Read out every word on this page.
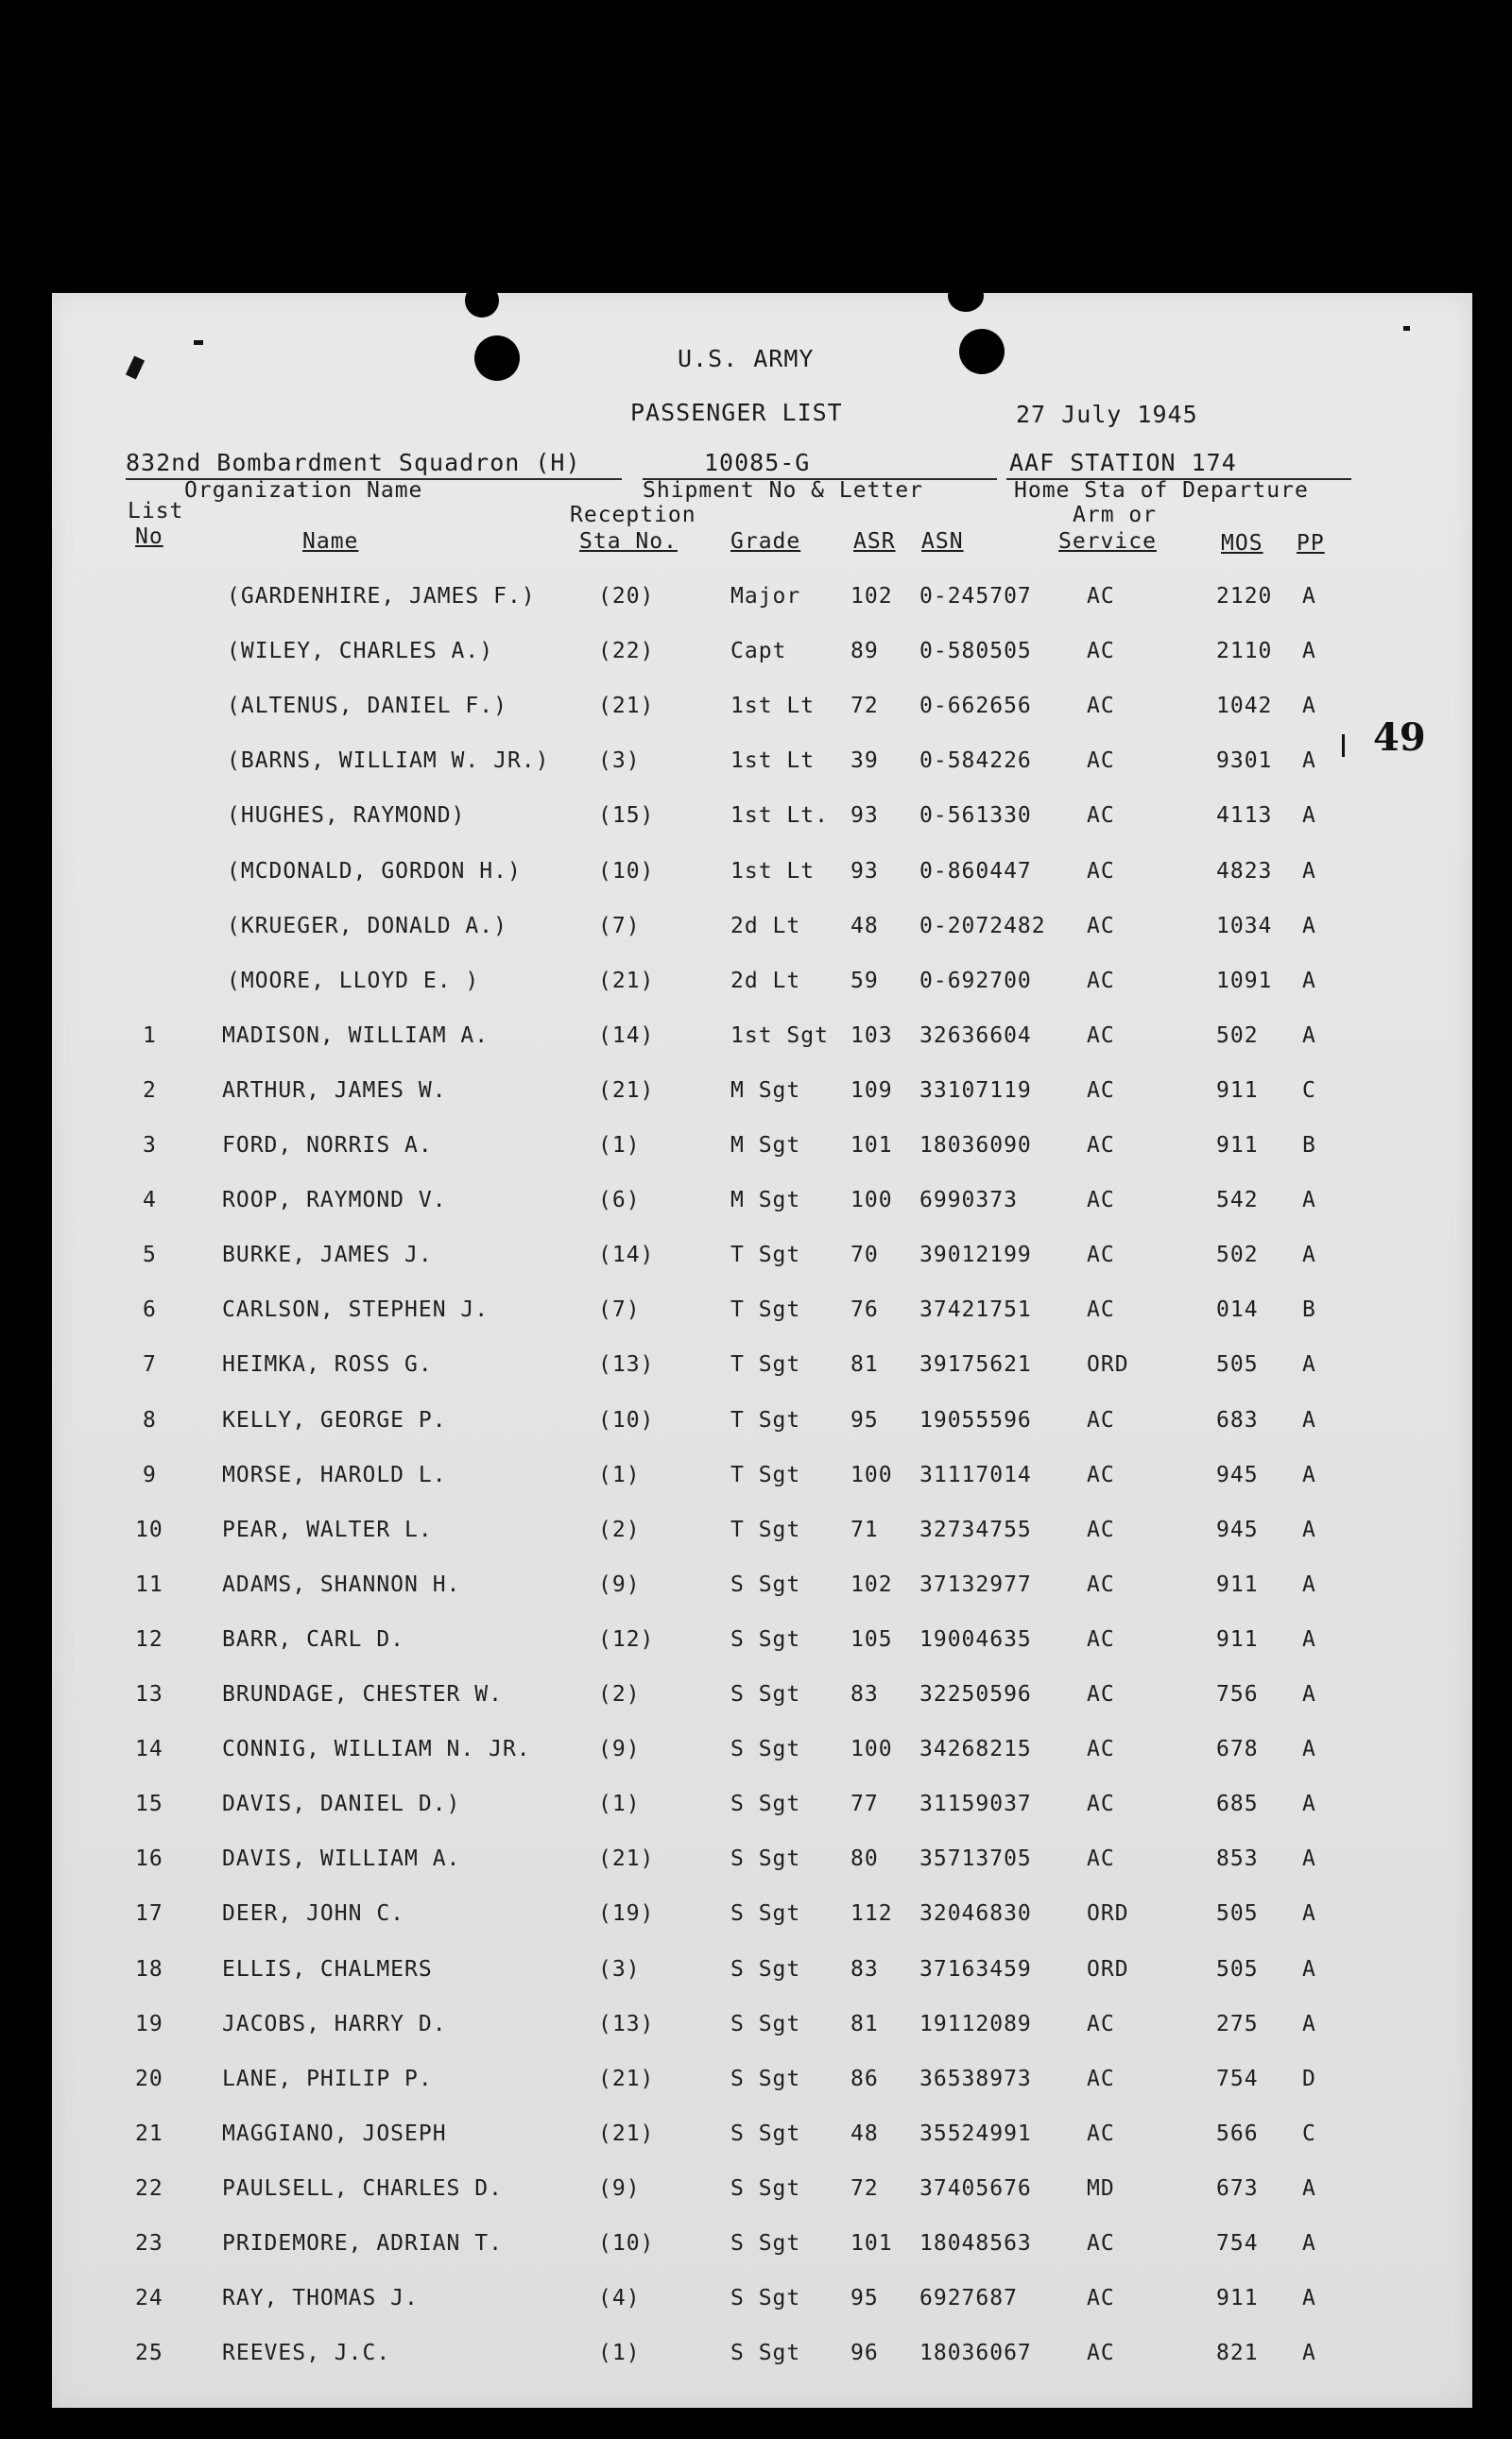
U.S. ARMY
PASSENGER LIST	27 July 1945
832nd Bombardment Squadron (H)
Organization Name
10085-G
Shipment No & Letter
AAF STATION 174
Home Sta of Departure
List
No	Name
Reception
Sta No. Grade ASR ASN
Arm or
Service	MOS PP
49
(GARDENHIRE, JAMES F.)	(20)	Major 102 0-245707	AC	2120 A
(WILEY, CHARLES A.)	(22)	Capt	89 0-580505	AC	2110 A
(ALTENUS, DANIEL F.)	(21)	1st Lt 72 0-662656	AC	1042 A
(BARNS, WILLIAM W. JR.) (3)	1st Lt 39 0-584226	AC	9301 A
(HUGHES, RAYMOND)	(15)	1st Lt. 93 0-561330	AC	4113 A
(MCDONALD, GORDON H.)	(10)	1st Lt 93 0-860447	AC	4823 A
(KRUEGER, DONALD A.)	(7)	2d Lt 48 0-2072482 AC	1034 A
(MOORE, LLOYD E. )	(21)	2d Lt 59 0-692700	AC	1091 A
1	MADISON, WILLIAM A.	(14)	1st Sgt 103 32636604	AC	502 A
2	ARTHUR, JAMES W.	(21)	M Sgt 109 33107119	AC	911 C
3	FORD, NORRIS A.	(1)	M Sgt 101 18036090	AC	911 B
4	ROOP, RAYMOND V.	(6)	M Sgt 100 6990373	AC	542 A
5	BURKE, JAMES J.	(14)	T Sgt 70 39012199	AC	502 A
6	CARLSON, STEPHEN J.	(7)	T Sgt 76 37421751	AC	014 B
7	HEIMKA, ROSS G.	(13)	T Sgt 81 39175621	ORD	505 A
8	KELLY, GEORGE P.	(10)	T Sgt 95 19055596	AC	683 A
9	MORSE, HAROLD L.	(1)	T Sgt 100 31117014	AC	945 A
10	PEAR, WALTER L.	(2)	T Sgt 71 32734755	AC	945 A
11	ADAMS, SHANNON H.	(9)	S Sgt 102 37132977	AC	911 A
12	BARR, CARL D.	(12)	S Sgt 105 19004635	AC	911 A
13	BRUNDAGE, CHESTER W.	(2)	S Sgt 83 32250596	AC	756 A
14	CONNIG, WILLIAM N. JR.	(9)	S Sgt 100 34268215	AC	678 A
15	DAVIS, DANIEL D.)	(1)	S Sgt 77 31159037	AC	685 A
16	DAVIS, WILLIAM A.	(21)	S Sgt 80 35713705	AC	853 A
17	DEER, JOHN C.	(19)	S Sgt 112 32046830	ORD	505 A
18	ELLIS, CHALMERS	(3)	S Sgt 83 37163459	ORD	505 A
19	JACOBS, HARRY D.	(13)	S Sgt 81 19112089	AC	275 A
20	LANE, PHILIP P.	(21)	S Sgt 86 36538973	AC	754 D
21	MAGGIANO, JOSEPH	(21)	S Sgt 48 35524991	AC	566 C
22	PAULSELL, CHARLES D.	(9)	S Sgt 72 37405676	MD	673 A
23	PRIDEMORE, ADRIAN T.	(10)	S Sgt 101 18048563	AC	754 A
24	RAY, THOMAS J.	(4)	S Sgt 95 6927687	AC	911 A
25	REEVES, J.C.	(1)	S Sgt 96 18036067	AC	821 A
